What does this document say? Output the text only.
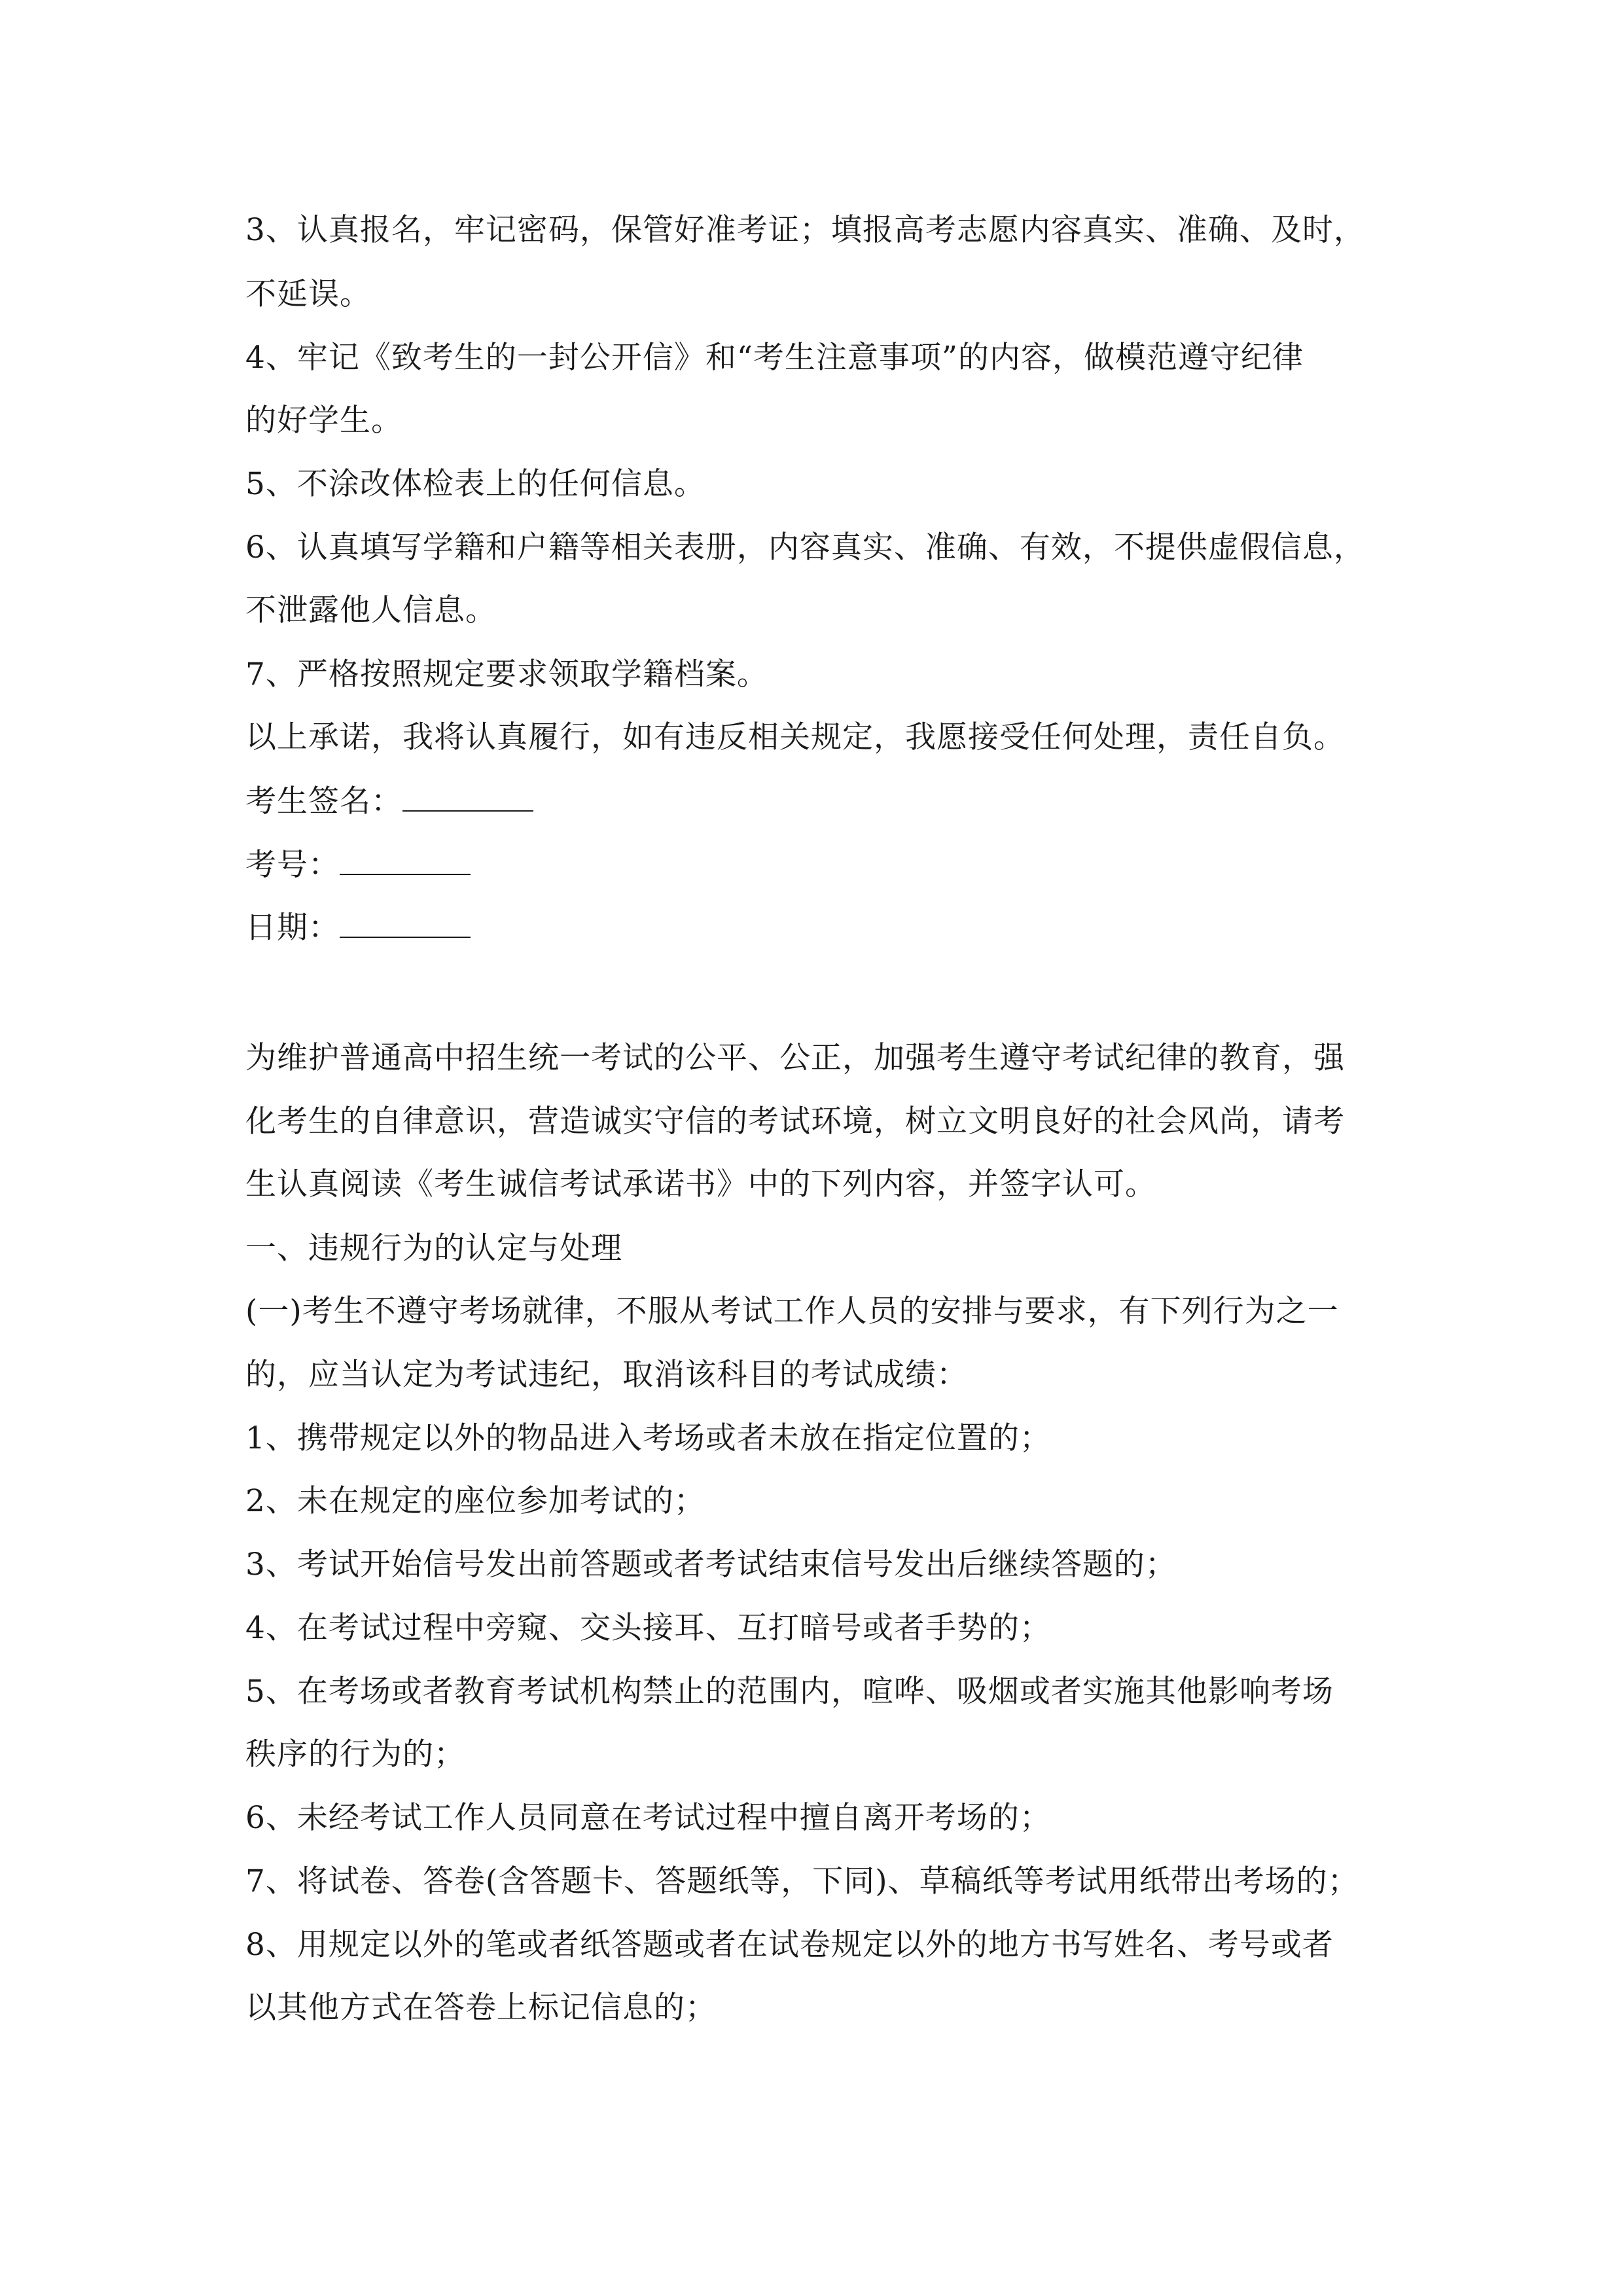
3、认真报名，牢记密码，保管好准考证；填报高考志愿内容真实、准确、及时，
不延误。
4、牢记《致考生的一封公开信》和“考生注意事项”的内容，做模范遵守纪律
的好学生。
5、不涂改体检表上的任何信息。
6、认真填写学籍和户籍等相关表册，内容真实、准确、有效，不提供虚假信息，
不泄露他人信息。
7、严格按照规定要求领取学籍档案。
以上承诺，我将认真履行，如有违反相关规定，我愿接受任何处理，责任自负。
考生签名：
考号：
日期：
为维护普通高中招生统一考试的公平、公正，加强考生遵守考试纪律的教育，强
化考生的自律意识，营造诚实守信的考试环境，树立文明良好的社会风尚，请考
生认真阅读《考生诚信考试承诺书》中的下列内容，并签字认可。
一、违规行为的认定与处理
(一)考生不遵守考场就律，不服从考试工作人员的安排与要求，有下列行为之一
的，应当认定为考试违纪，取消该科目的考试成绩：
1、携带规定以外的物品进入考场或者未放在指定位置的；
2、未在规定的座位参加考试的；
3、考试开始信号发出前答题或者考试结束信号发出后继续答题的；
4、在考试过程中旁窥、交头接耳、互打暗号或者手势的；
5、在考场或者教育考试机构禁止的范围内，喧哗、吸烟或者实施其他影响考场
秩序的行为的；
6、未经考试工作人员同意在考试过程中擅自离开考场的；
7、将试卷、答卷(含答题卡、答题纸等，下同)、草稿纸等考试用纸带出考场的；
8、用规定以外的笔或者纸答题或者在试卷规定以外的地方书写姓名、考号或者
以其他方式在答卷上标记信息的；
